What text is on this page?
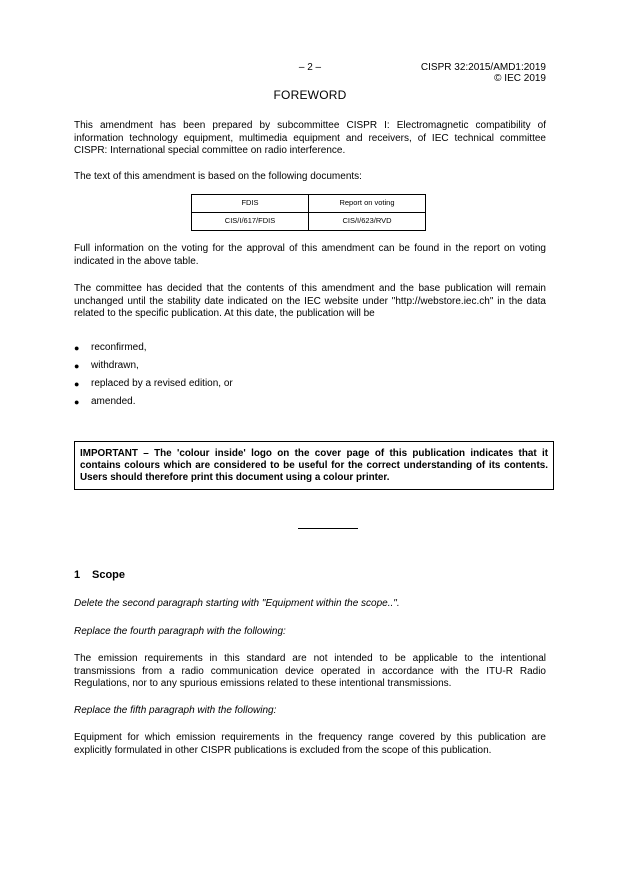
– 2 –	CISPR 32:2015/AMD1:2019
© IEC 2019
FOREWORD
This amendment has been prepared by subcommittee CISPR I: Electromagnetic compatibility of information technology equipment, multimedia equipment and receivers, of IEC technical committee CISPR: International special committee on radio interference.
The text of this amendment is based on the following documents:
FDIS	Report on voting
CIS/I/617/FDIS	CIS/I/623/RVD
Full information on the voting for the approval of this amendment can be found in the report on voting indicated in the above table.
The committee has decided that the contents of this amendment and the base publication will remain unchanged until the stability date indicated on the IEC website under "http://webstore.iec.ch" in the data related to the specific publication. At this date, the publication will be
●	reconfirmed,
●	withdrawn,
●	replaced by a revised edition, or
●	amended.
IMPORTANT – The 'colour inside' logo on the cover page of this publication indicates that it contains colours which are considered to be useful for the correct understanding of its contents. Users should therefore print this document using a colour printer.
1 Scope
Delete the second paragraph starting with "Equipment within the scope..".
Replace the fourth paragraph with the following:
The emission requirements in this standard are not intended to be applicable to the intentional transmissions from a radio communication device operated in accordance with the ITU-R Radio Regulations, nor to any spurious emissions related to these intentional transmissions.
Replace the fifth paragraph with the following:
Equipment for which emission requirements in the frequency range covered by this publication are explicitly formulated in other CISPR publications is excluded from the scope of this publication.
